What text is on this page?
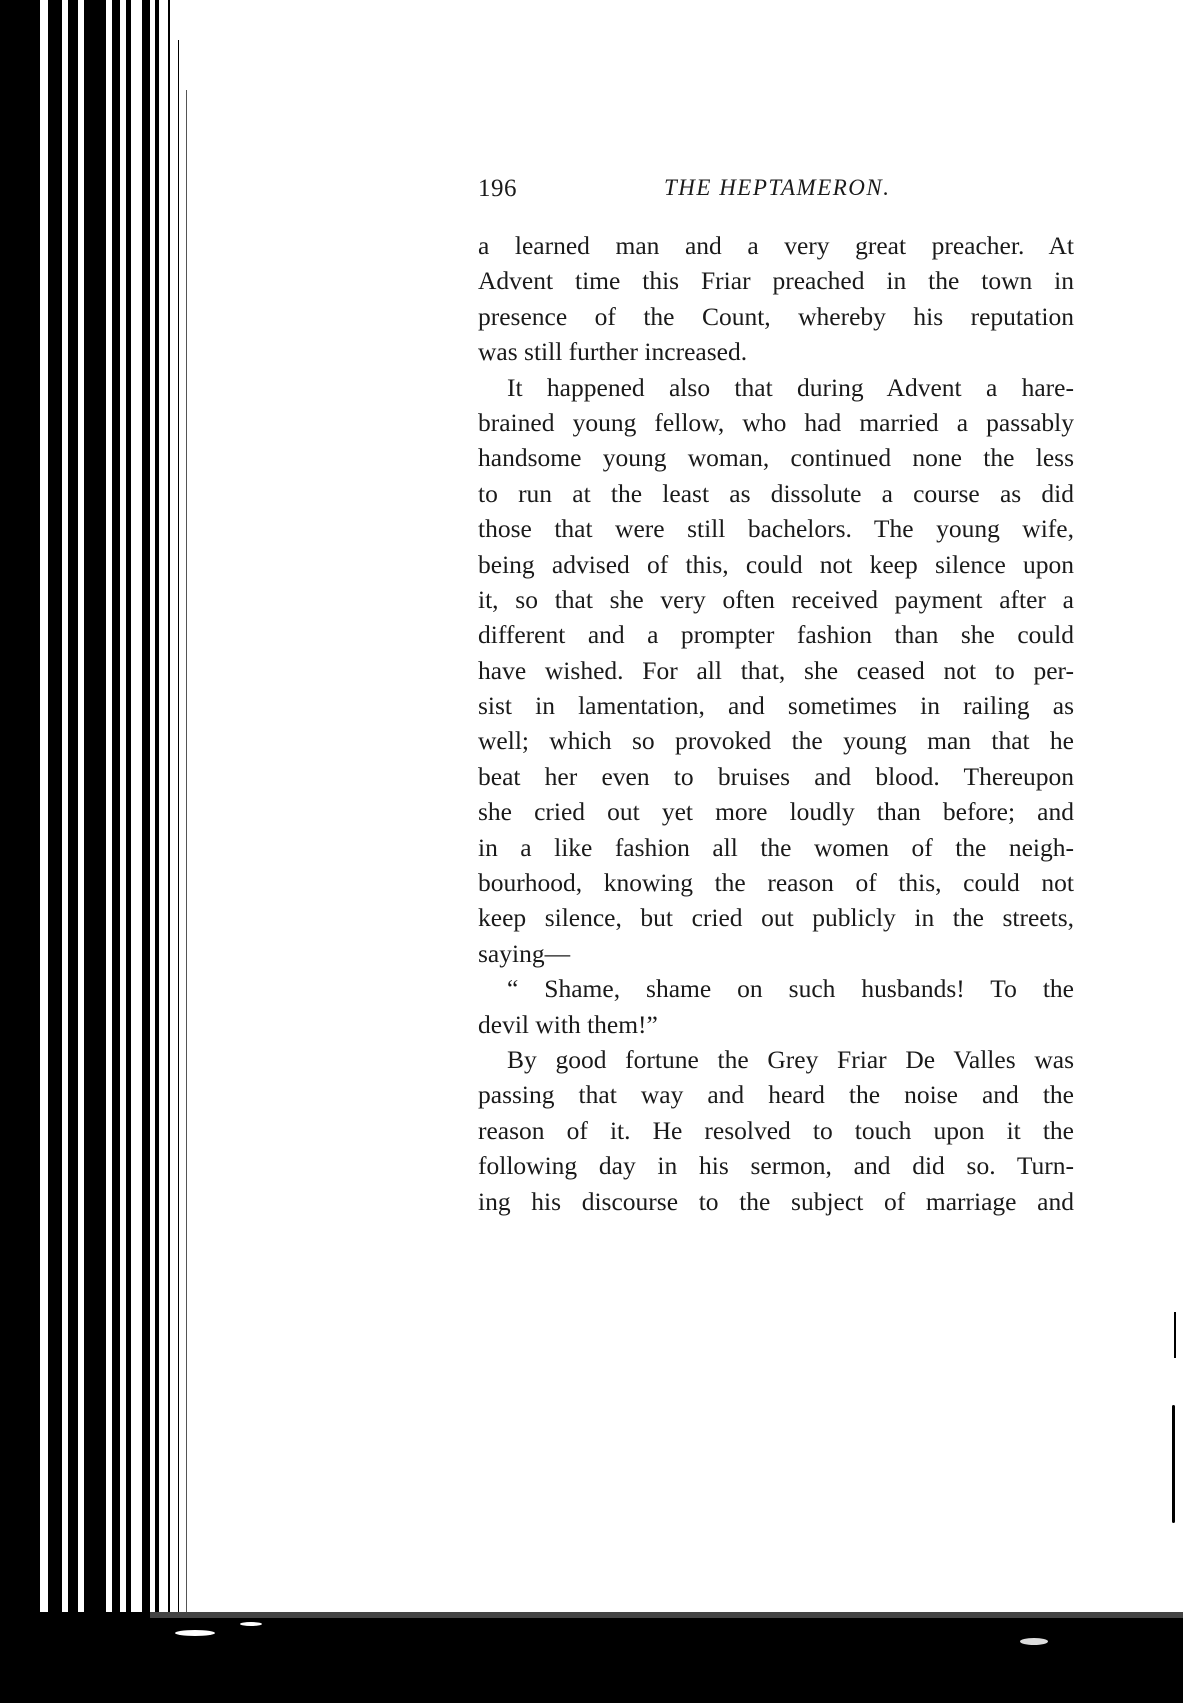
196	THE HEPTAMERON.
a learned man and a very great preacher. At
Advent time this Friar preached in the town in
presence of the Count, whereby his reputation
was still further increased.
It happened also that during Advent a hare-
brained young fellow, who had married a passably
handsome young woman, continued none the less
to run at the least as dissolute a course as did
those that were still bachelors. The young wife,
being advised of this, could not keep silence upon
it, so that she very often received payment after a
different and a prompter fashion than she could
have wished. For all that, she ceased not to per-
sist in lamentation, and sometimes in railing as
well; which so provoked the young man that he
beat her even to bruises and blood. Thereupon
she cried out yet more loudly than before; and
in a like fashion all the women of the neigh-
bourhood, knowing the reason of this, could not
keep silence, but cried out publicly in the streets,
saying—
“ Shame, shame on such husbands! To the
devil with them!”
By good fortune the Grey Friar De Valles was
passing that way and heard the noise and the
reason of it. He resolved to touch upon it the
following day in his sermon, and did so. Turn-
ing his discourse to the subject of marriage and
